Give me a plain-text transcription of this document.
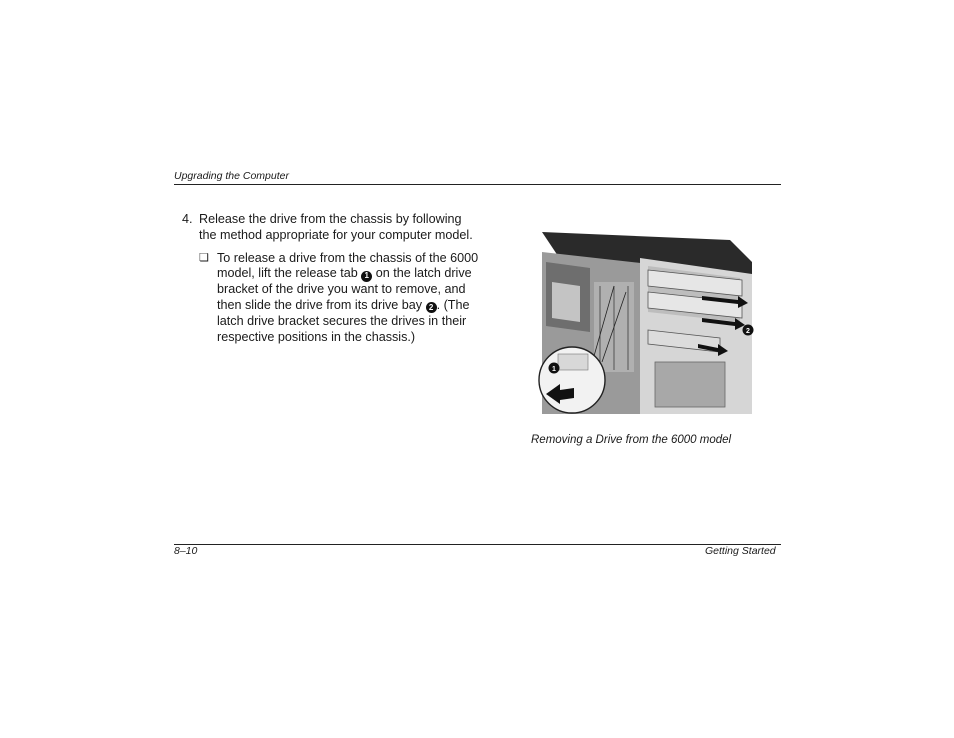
Upgrading the Computer
4. Release the drive from the chassis by following the method appropriate for your computer model.
❏ To release a drive from the chassis of the 6000 model, lift the release tab 1 on the latch drive bracket of the drive you want to remove, and then slide the drive from its drive bay 2 . (The latch drive bracket secures the drives in their respective positions in the chassis.)	2
1
Removing a Drive from the 6000 model
8–10	Getting Started
